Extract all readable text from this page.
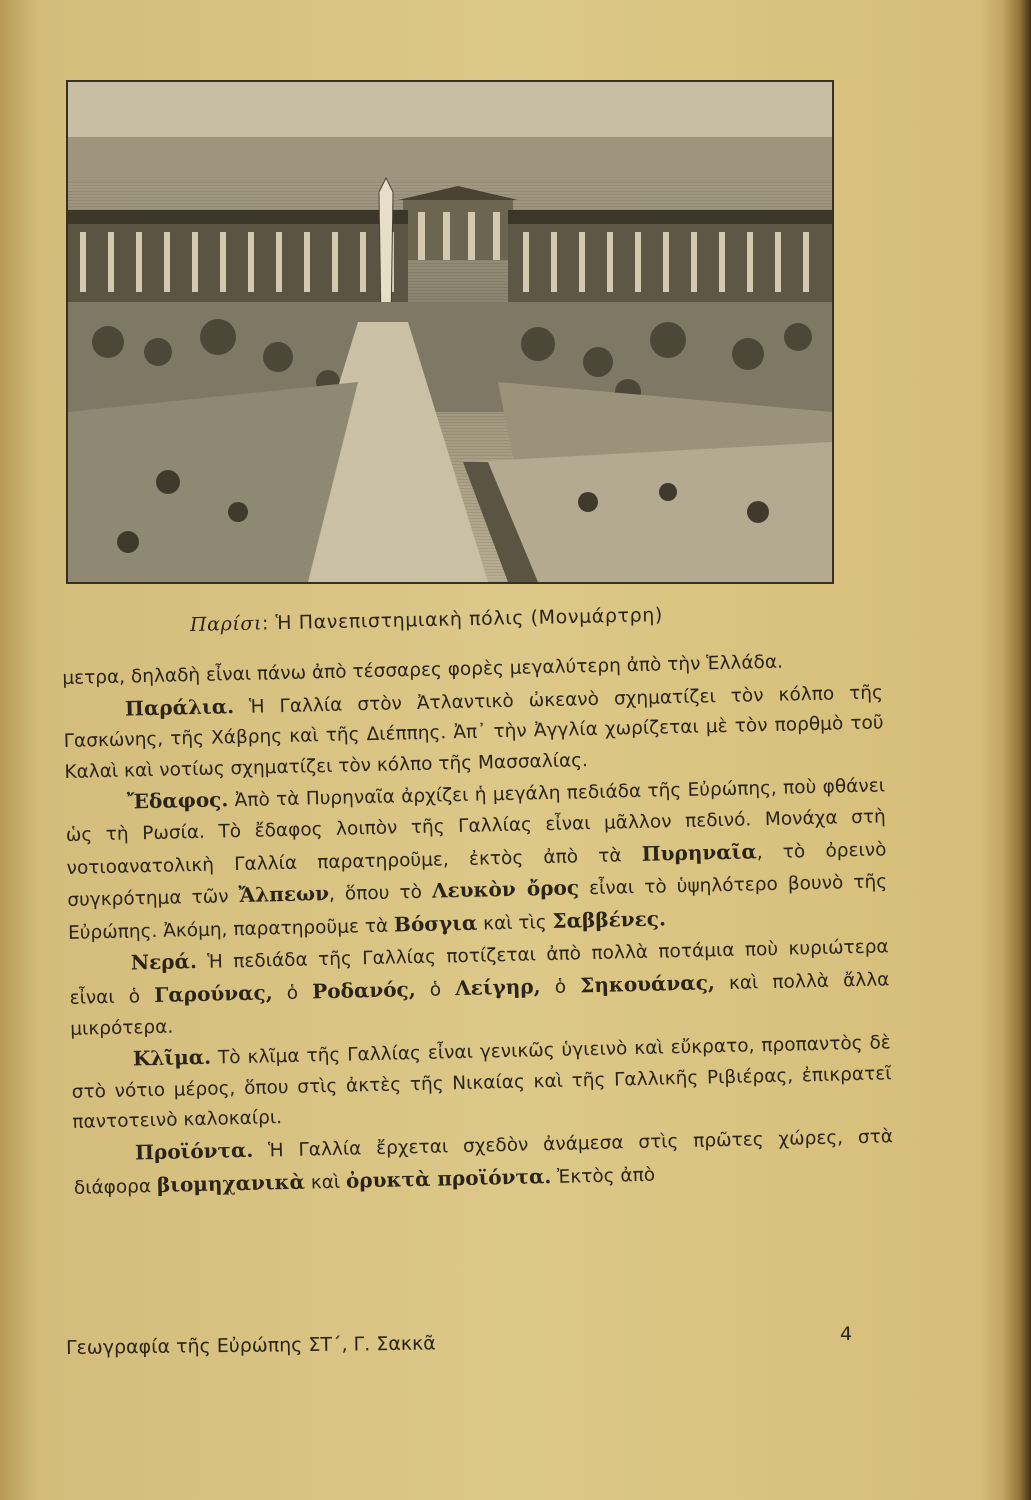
Παρίσι: Ἡ Πανεπιστημιακὴ πόλις (Μονμάρτρη)

μετρα, δηλαδὴ εἶναι πάνω ἀπὸ τέσσαρες φορὲς μεγαλύτερη ἀπὸ τὴν Ἑλλάδα.

Παράλια. Ἡ Γαλλία στὸν Ἀτλαντικὸ ὠκεανὸ σχηματίζει τὸν κόλπο τῆς Γασκώνης, τῆς Χάβρης καὶ τῆς Διέππης. Ἀπ᾽ τὴν Ἀγγλία χωρίζεται μὲ τὸν πορθμὸ τοῦ Καλαὶ καὶ νοτίως σχηματίζει τὸν κόλπο τῆς Μασσαλίας.

Ἔδαφος. Ἀπὸ τὰ Πυρηναῖα ἀρχίζει ἡ μεγάλη πεδιάδα τῆς Εὐρώπης, ποὺ φθάνει ὡς τὴ Ρωσία. Τὸ ἔδαφος λοιπὸν τῆς Γαλλίας εἶναι μᾶλλον πεδινό. Μονάχα στὴ νοτιοανατολικὴ Γαλλία παρατηροῦμε, ἐκτὸς ἀπὸ τὰ Πυρηναῖα, τὸ ὀρεινὸ συγκρότημα τῶν Ἄλπεων, ὅπου τὸ Λευκὸν ὄρος εἶναι τὸ ὑψηλότερο βουνὸ τῆς Εὐρώπης. Ἀκόμη, παρατηροῦμε τὰ Βόσγια καὶ τὶς Σαββένες.

Νερά. Ἡ πεδιάδα τῆς Γαλλίας ποτίζεται ἀπὸ πολλὰ ποτάμια ποὺ κυριώτερα εἶναι ὁ Γαρούνας, ὁ Ροδανός, ὁ Λείγηρ, ὁ Σηκουάνας, καὶ πολλὰ ἄλλα μικρότερα.

Κλῖμα. Τὸ κλῖμα τῆς Γαλλίας εἶναι γενικῶς ὑγιεινὸ καὶ εὔκρατο, προπαντὸς δὲ στὸ νότιο μέρος, ὅπου στὶς ἀκτὲς τῆς Νικαίας καὶ τῆς Γαλλικῆς Ριβιέρας, ἐπικρατεῖ παντοτεινὸ καλοκαίρι.

Προϊόντα. Ἡ Γαλλία ἔρχεται σχεδὸν ἀνάμεσα στὶς πρῶτες χώρες, στὰ διάφορα βιομηχανικὰ καὶ ὀρυκτὰ προϊόντα. Ἐκτὸς ἀπὸ

Γεωγραφία τῆς Εὐρώπης ΣΤ΄, Γ. Σακκᾶ	4
